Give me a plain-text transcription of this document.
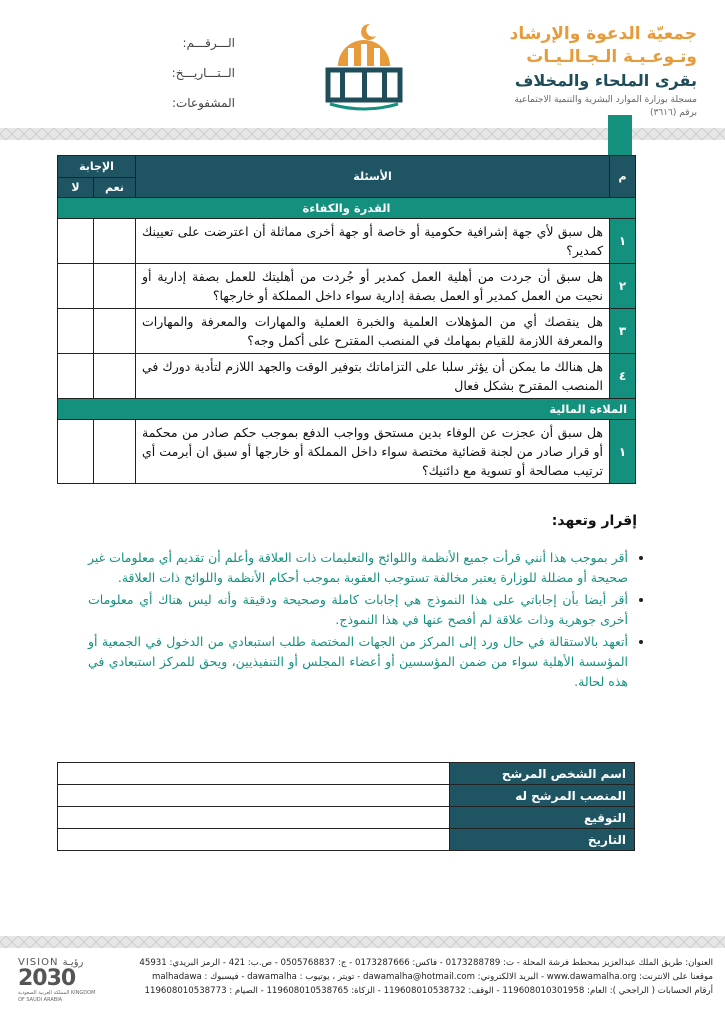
جمعيّة الدعوة والإرشاد
وتـوعـيـة الـجـالـيـات
بقرى الملحاء والمخلاف
مسجلة بوزارة الموارد البشرية والتنمية الاجتماعية
برقم (٣٦١٦)
الـــرقـــم:
الــتـــاريـــخ:
المشفوعات:
م	الأسئلة	الإجابة	
		نعم	لا
القدرة والكفاءة			
١	هل سبق لأي جهة إشرافية حكومية أو خاصة أو جهة أخرى مماثلة أن اعترضت على تعيينك كمدير؟		
٢	هل سبق أن جردت من أهلية العمل كمدير أو جُردت من أهليتك للعمل بصفة إدارية أو نحيت من العمل كمدير أو العمل بصفة إدارية سواء داخل المملكة أو خارجها؟		
٣	هل ينقصك أي من المؤهلات العلمية والخبرة العملية والمهارات والمعرفة والمهارات والمعرفة اللازمة للقيام بمهامك في المنصب المقترح على أكمل وجه؟		
٤	هل هنالك ما يمكن أن يؤثر سلبا على التزاماتك بتوفير الوقت والجهد اللازم لتأدية دورك في المنصب المقترح بشكل فعال		
الملاءة المالية			
١	هل سبق أن عجزت عن الوفاء بدين مستحق وواجب الدفع بموجب حكم صادر من محكمة أو قرار صادر من لجنة قضائية مختصة سواء داخل المملكة أو خارجها أو سبق ان أبرمت أي ترتيب مصالحة أو تسوية مع دائنيك؟		
إقرار وتعهد:
• أقر بموجب هذا أنني قرأت جميع الأنظمة واللوائح والتعليمات ذات العلاقة وأعلم أن تقديم أي معلومات غير صحيحة أو مضللة للوزارة يعتبر مخالفة تستوجب العقوبة بموجب أحكام الأنظمة واللوائح ذات العلاقة.
• أقر أيضا بأن إجاباتي على هذا النموذج هي إجابات كاملة وصحيحة ودقيقة وأنه ليس هناك أي معلومات أخرى جوهرية وذات علاقة لم أفصح عنها في هذا النموذج.
• أتعهد بالاستقالة في حال ورد إلى المركز من الجهات المختصة طلب استبعادي من الدخول في الجمعية أو المؤسسة الأهلية سواء من ضمن المؤسسين أو أعضاء المجلس أو التنفيذيين، ويحق للمركز استبعادي في هذه لحالة.
اسم الشخص المرشح	
المنصب المرشح له	
التوقيع	
التاريخ	
العنوان: طريق الملك عبدالعزيز بمحطط فرشة المحلة - ت: 0173288789 - فاكس: 0173287666 - ج: 0505768837 - ص.ب: 421 - الرمز البريدي: 45931
موقعنا على الانترنت: www.dawamalha.org - البريد الالكتروني: dawamalha@hotmail.com - تويتر ، يوتيوب : dawamalha - فيسبوك : malhadawa
أرقام الحسابات ( الراجحي ): العام: 119608010301958 - الوقف: 119608010538732 - الزكاة: 119608010538765 - الصيام : 119608010538773
VISION رؤيـة
2030
المملكة العربية السعودية KINGDOM OF SAUDI ARABIA
